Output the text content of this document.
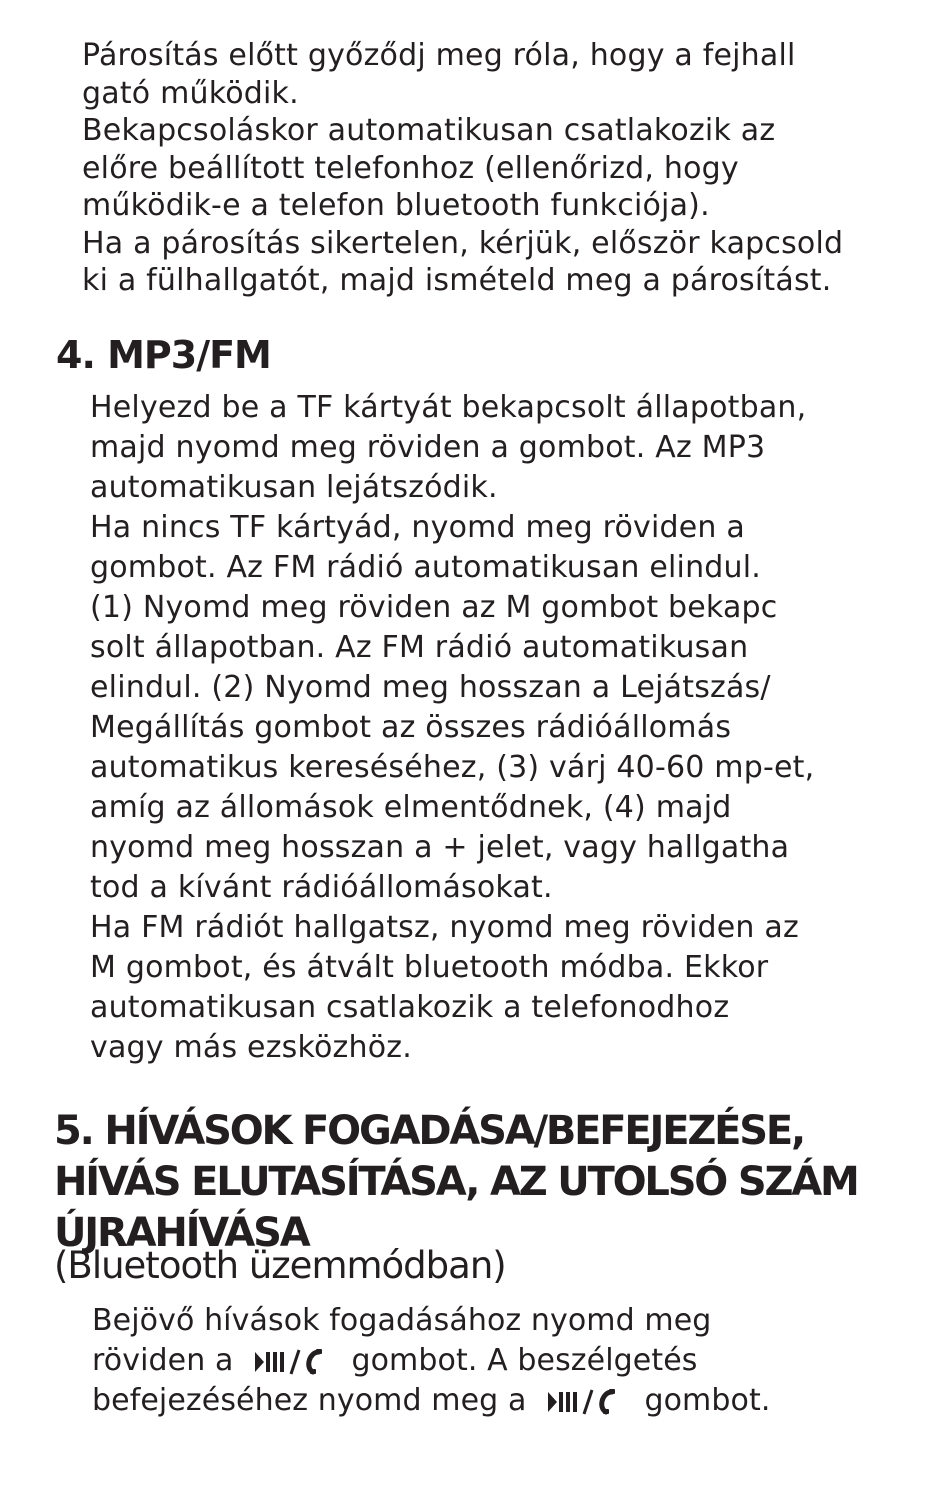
Párosítás előtt győződj meg róla, hogy a fejhall
gató működik.
Bekapcsoláskor automatikusan csatlakozik az
előre beállított telefonhoz (ellenőrizd, hogy
működik-e a telefon bluetooth funkciója).
Ha a párosítás sikertelen, kérjük, először kapcsold
ki a fülhallgatót, majd ismételd meg a párosítást.

4. MP3/FM

Helyezd be a TF kártyát bekapcsolt állapotban,
majd nyomd meg röviden a gombot. Az MP3
automatikusan lejátszódik.
Ha nincs TF kártyád, nyomd meg röviden a
gombot. Az FM rádió automatikusan elindul.
(1) Nyomd meg röviden az M gombot bekapc
solt állapotban. Az FM rádió automatikusan
elindul. (2) Nyomd meg hosszan a Lejátszás/
Megállítás gombot az összes rádióállomás
automatikus kereséséhez, (3) várj 40-60 mp-et,
amíg az állomások elmentődnek, (4) majd
nyomd meg hosszan a + jelet, vagy hallgatha
tod a kívánt rádióállomásokat.
Ha FM rádiót hallgatsz, nyomd meg röviden az
M gombot, és átvált bluetooth módba. Ekkor
automatikusan csatlakozik a telefonodhoz
vagy más ezsközhöz.

5. HÍVÁSOK FOGADÁSA/BEFEJEZÉSE,
HÍVÁS ELUTASÍTÁSA, AZ UTOLSÓ SZÁM
ÚJRAHÍVÁSA

(Bluetooth üzemmódban)

Bejövő hívások fogadásához nyomd meg
röviden a	gombot. A beszélgetés
befejezéséhez nyomd meg a	gombot.
